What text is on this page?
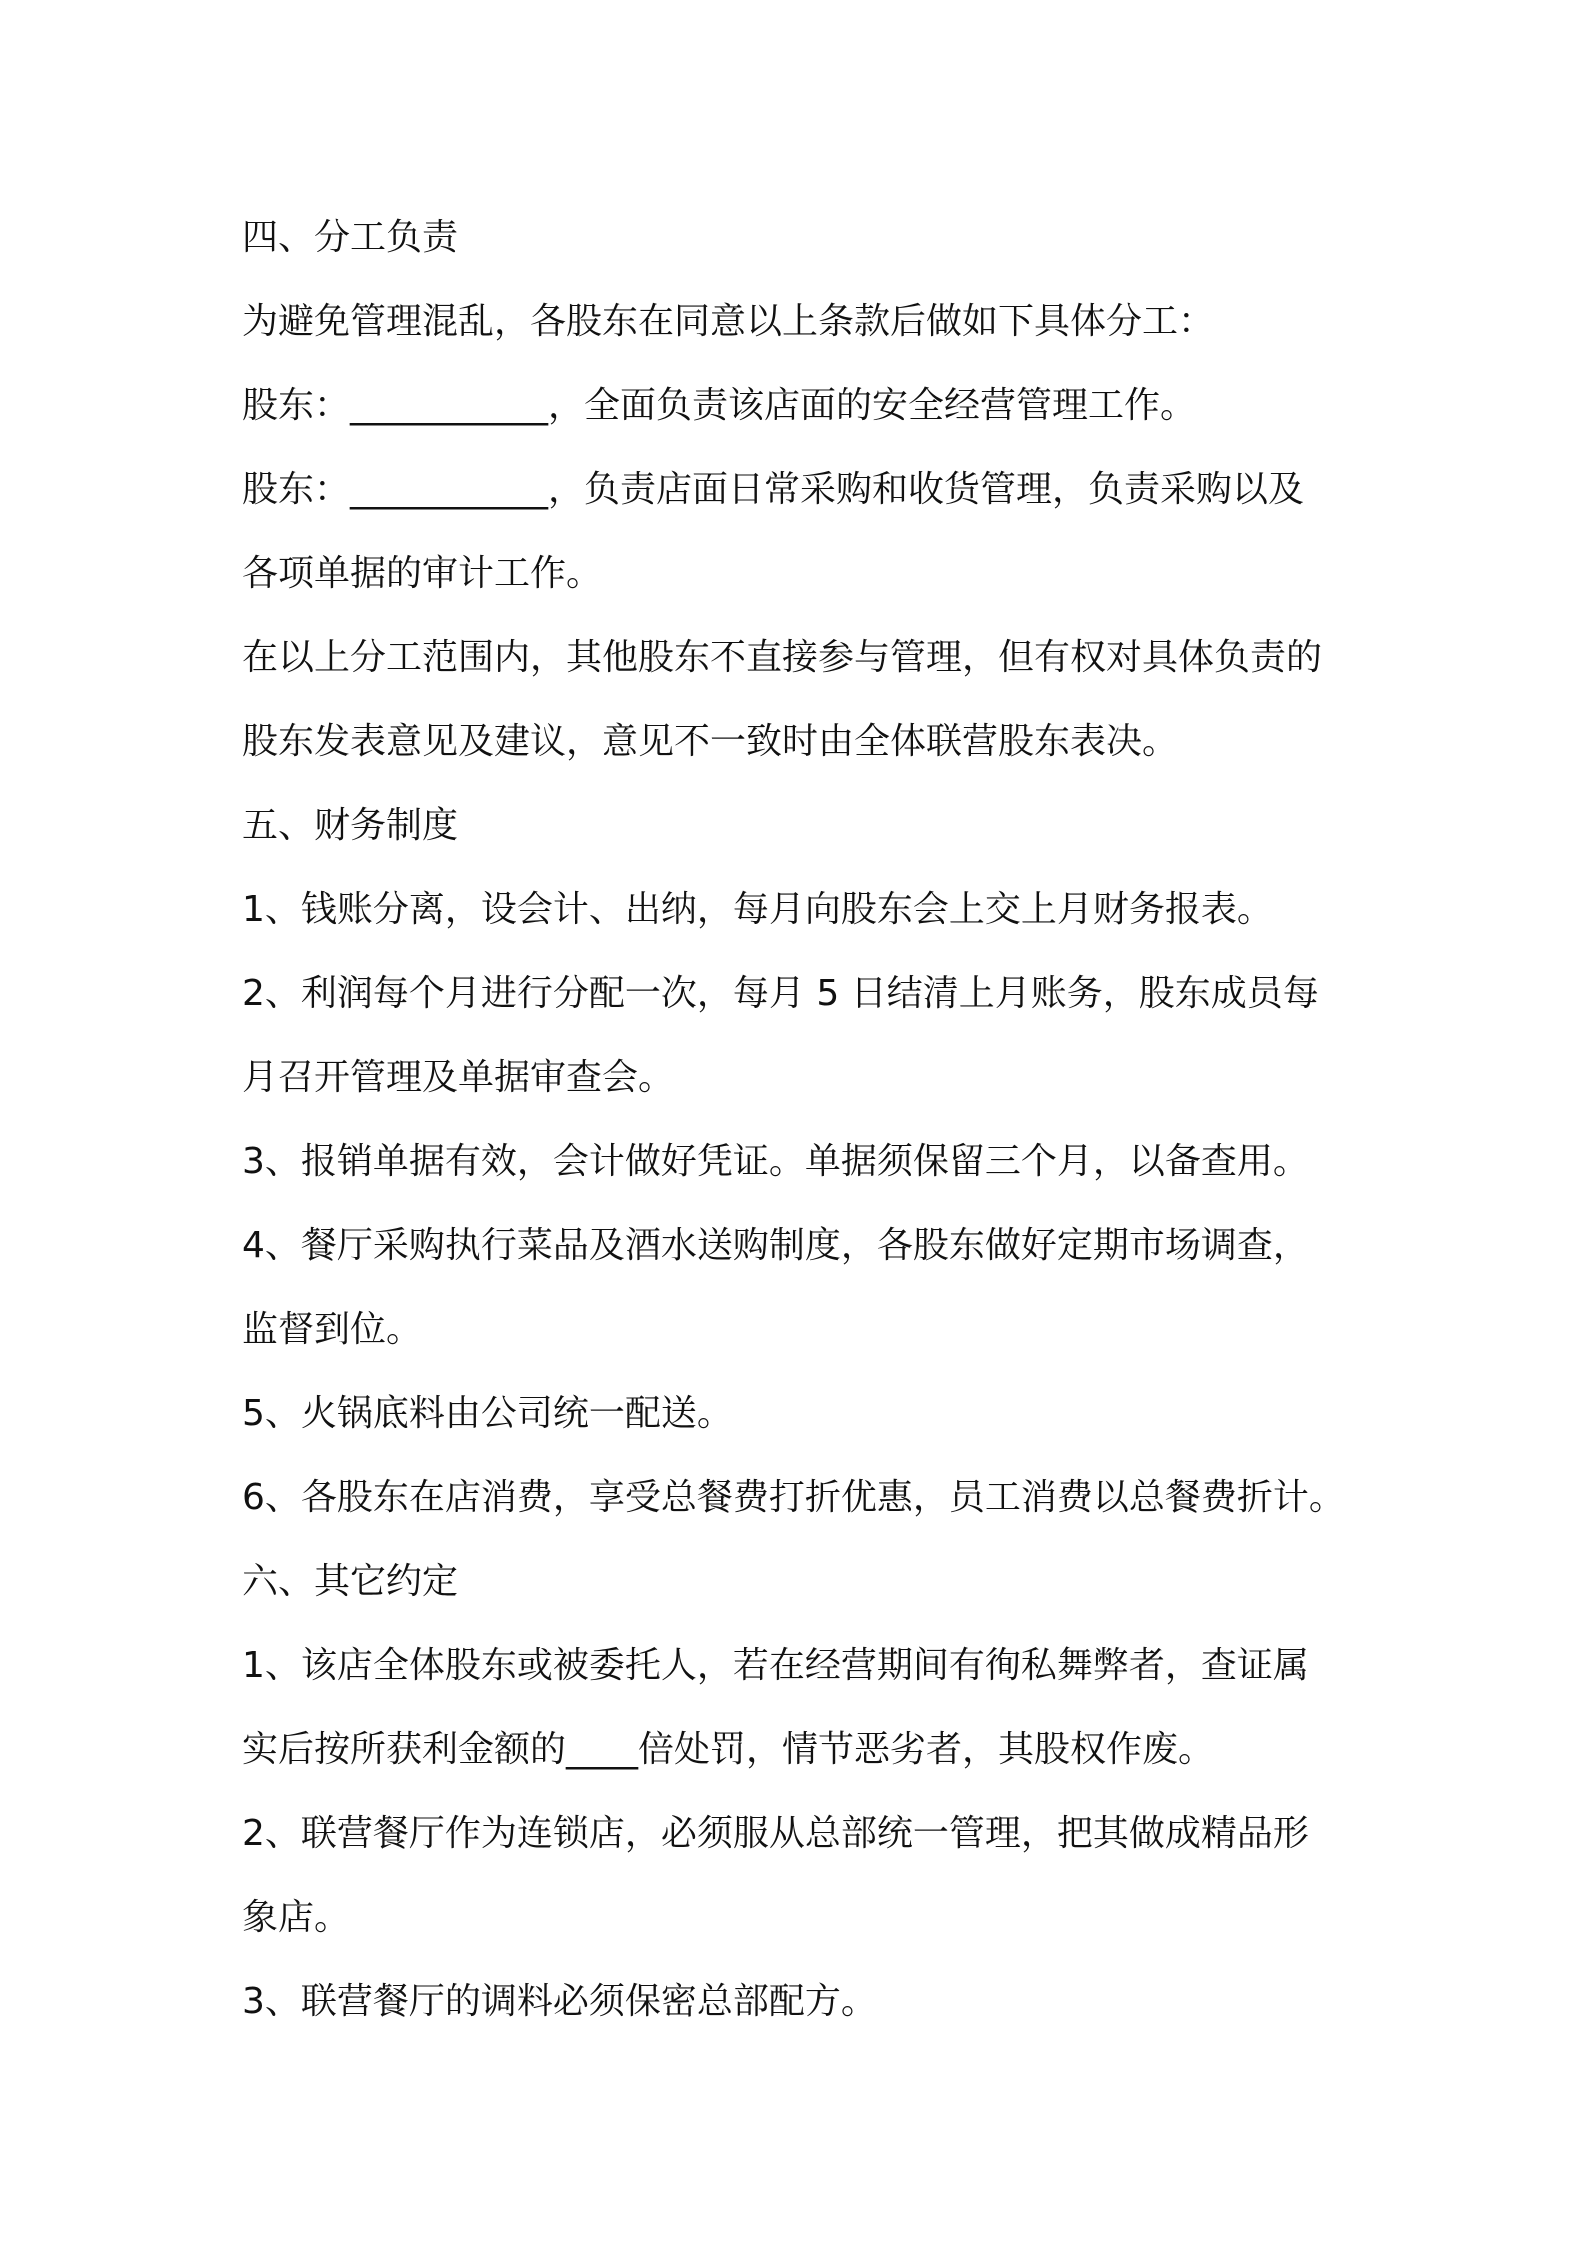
四、分工负责

为避免管理混乱，各股东在同意以上条款后做如下具体分工：

股东：___________，全面负责该店面的安全经营管理工作。

股东：___________，负责店面日常采购和收货管理，负责采购以及

各项单据的审计工作。

在以上分工范围内，其他股东不直接参与管理，但有权对具体负责的

股东发表意见及建议，意见不一致时由全体联营股东表决。

五、财务制度

1、钱账分离，设会计、出纳，每月向股东会上交上月财务报表。

2、利润每个月进行分配一次，每月 5 日结清上月账务，股东成员每

月召开管理及单据审查会。

3、报销单据有效，会计做好凭证。单据须保留三个月，以备查用。

4、餐厅采购执行菜品及酒水送购制度，各股东做好定期市场调查，

监督到位。

5、火锅底料由公司统一配送。

6、各股东在店消费，享受总餐费打折优惠，员工消费以总餐费折计。

六、其它约定

1、该店全体股东或被委托人，若在经营期间有徇私舞弊者，查证属

实后按所获利金额的____倍处罚，情节恶劣者，其股权作废。

2、联营餐厅作为连锁店，必须服从总部统一管理，把其做成精品形

象店。

3、联营餐厅的调料必须保密总部配方。
